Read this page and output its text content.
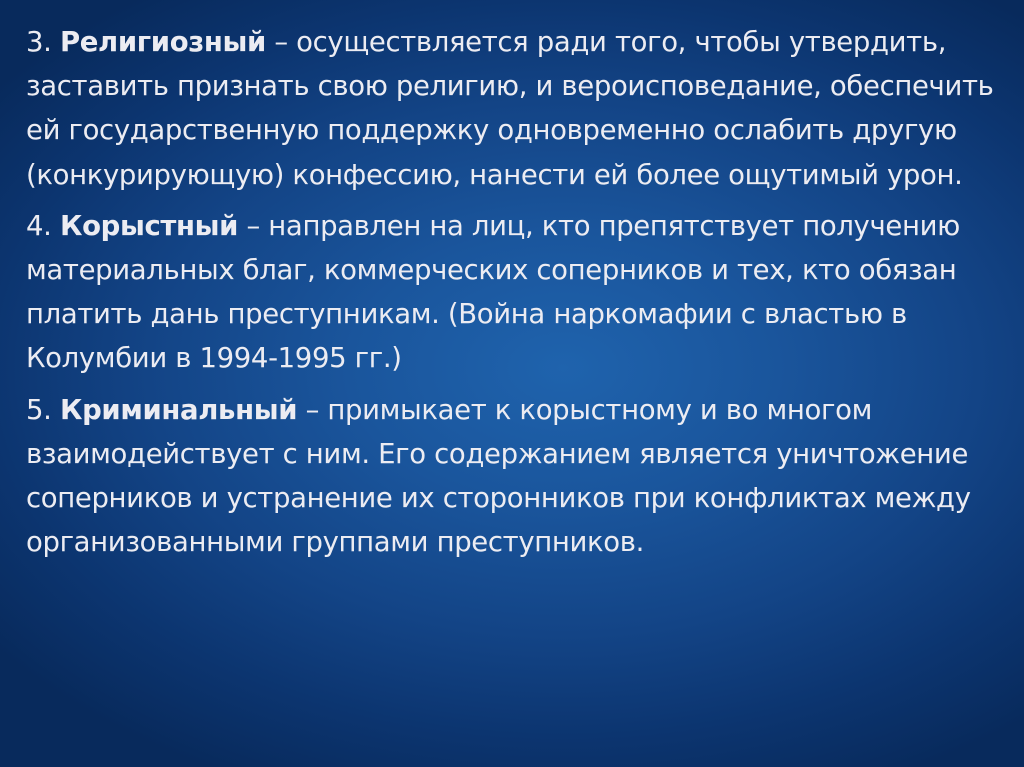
3. Религиозный – осуществляется ради того, чтобы утвердить, заставить признать свою религию, и вероисповедание, обеспечить ей государственную поддержку одновременно ослабить другую (конкурирующую) конфессию, нанести ей более ощутимый урон.

4. Корыстный – направлен на лиц, кто препятствует получению материальных благ, коммерческих соперников и тех, кто обязан платить дань преступникам. (Война наркомафии с властью в Колумбии в 1994-1995 гг.)

5. Криминальный – примыкает к корыстному и во многом взаимодействует с ним. Его содержанием является уничтожение соперников и устранение их сторонников при конфликтах между организованными группами преступников.
